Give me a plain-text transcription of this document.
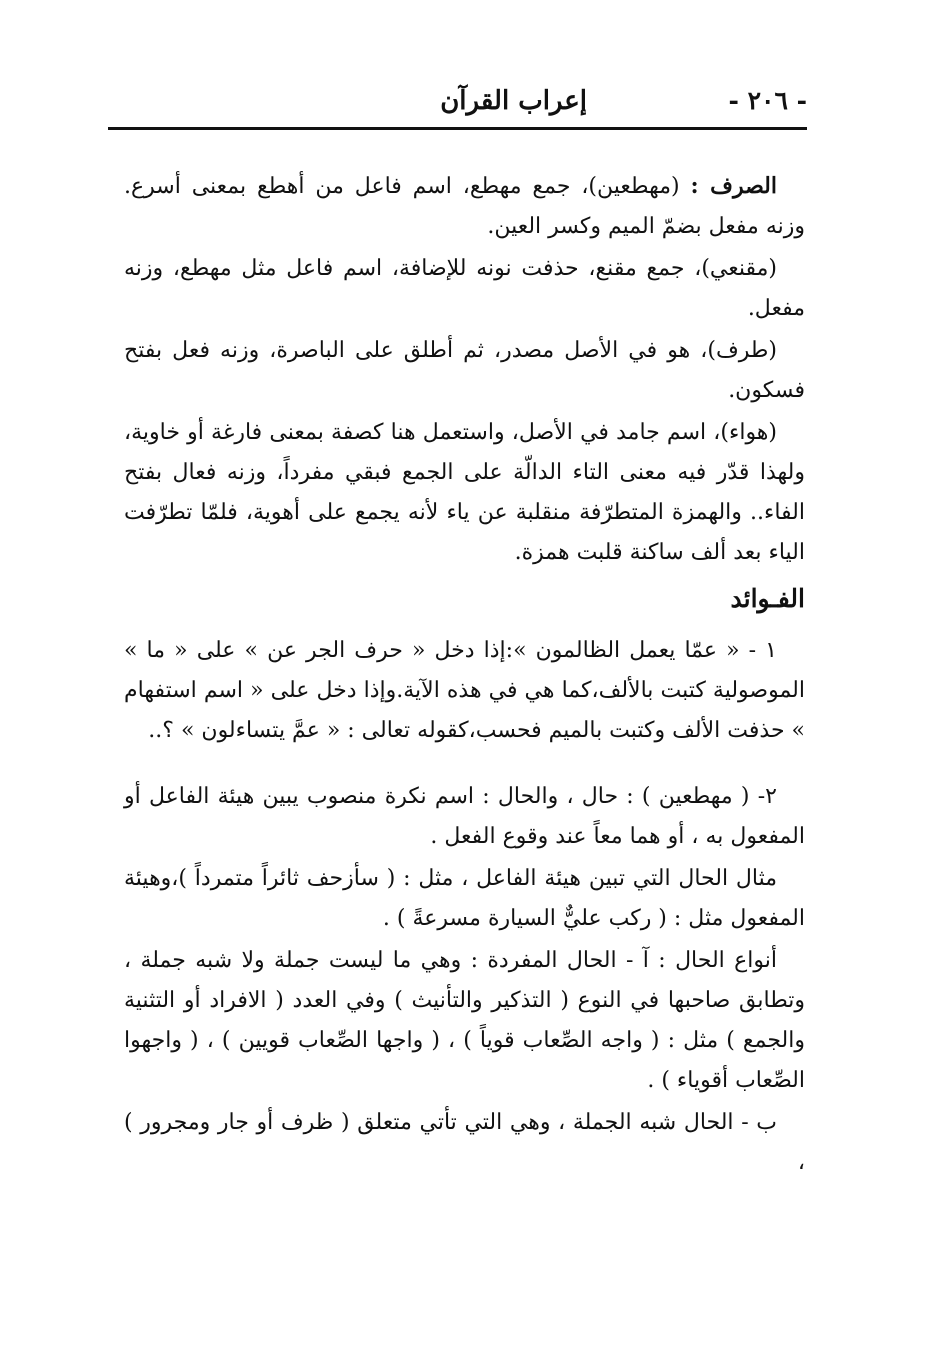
- ٢٠٦ -
إعراب القرآن

الصرف : (مهطعين)، جمع مهطع، اسم فاعل من أهطع بمعنى أسرع. وزنه مفعل بضمّ الميم وكسر العين.

(مقنعي)، جمع مقنع، حذفت نونه للإضافة، اسم فاعل مثل مهطع، وزنه مفعل.

(طرف)، هو في الأصل مصدر، ثم أطلق على الباصرة، وزنه فعل بفتح فسكون.

(هواء)، اسم جامد في الأصل، واستعمل هنا كصفة بمعنى فارغة أو خاوية، ولهذا قدّر فيه معنى التاء الدالّة على الجمع فبقي مفرداً، وزنه فعال بفتح الفاء.. والهمزة المتطرّفة منقلبة عن ياء لأنه يجمع على أهوية، فلمّا تطرّفت الياء بعد ألف ساكنة قلبت همزة.

الفـوائد

١ - « عمّا يعمل الظالمون »:إذا دخل « حرف الجر عن » على « ما » الموصولية كتبت بالألف،كما هي في هذه الآية.وإذا دخل على « اسم استفهام » حذفت الألف وكتبت بالميم فحسب،كقوله تعالى : « عمَّ يتساءلون » ؟..

٢- ( مهطعين ) : حال ، والحال : اسم نكرة منصوب يبين هيئة الفاعل أو المفعول به ، أو هما معاً عند وقوع الفعل .

مثال الحال التي تبين هيئة الفاعل ، مثل : ( سأزحف ثائراً متمرداً )،وهيئة المفعول مثل : ( ركب عليٌّ السيارة مسرعةً ) .

أنواع الحال : آ - الحال المفردة : وهي ما ليست جملة ولا شبه جملة ، وتطابق صاحبها في النوع ( التذكير والتأنيث ) وفي العدد ( الافراد أو التثنية والجمع ) مثل : ( واجه الصِّعاب قوياً ) ، ( واجها الصِّعاب قويين ) ، ( واجهوا الصِّعاب أقوياء ) .

ب - الحال شبه الجملة ، وهي التي تأتي متعلق ( ظرف أو جار ومجرور ) ،
